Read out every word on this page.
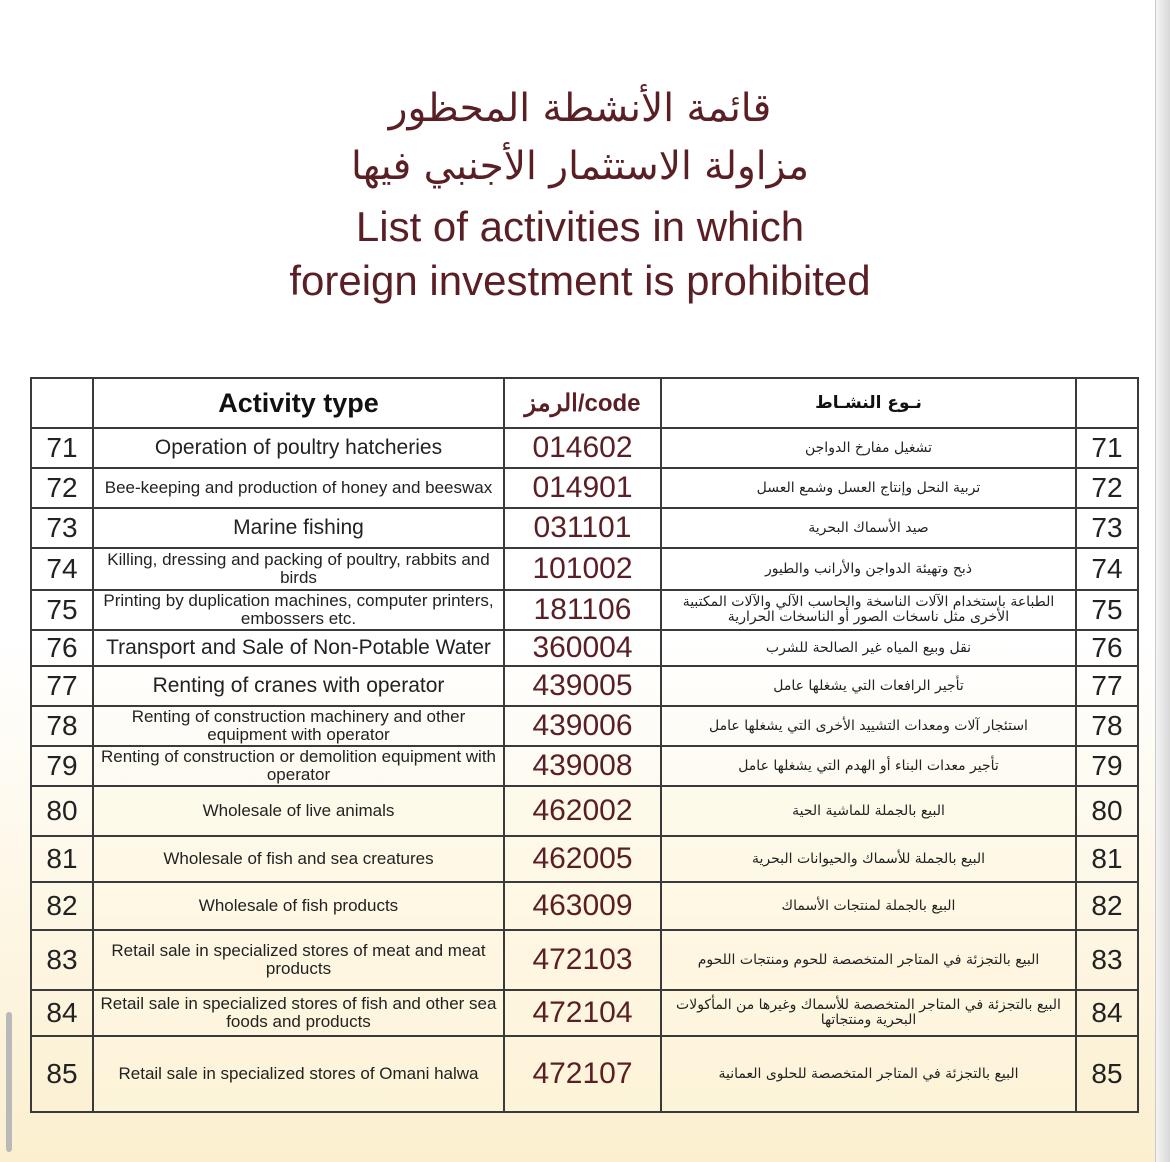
قائمة الأنشطة المحظور
مزاولة الاستثمار الأجنبي فيها
List of activities in which
foreign investment is prohibited
	Activity type	الرمز/code	نـوع النشـاط	
71	Operation of poultry hatcheries	014602	تشغيل مفارخ الدواجن	71
72	Bee-keeping and production of honey and beeswax	014901	تربية النحل وإنتاج العسل وشمع العسل	72
73	Marine fishing	031101	صيد الأسماك البحرية	73
74	Killing, dressing and packing of poultry, rabbits and birds	101002	ذبح وتهيئة الدواجن والأرانب والطيور	74
75	Printing by duplication machines, computer printers, embossers etc.	181106	الطباعة باستخدام الآلات الناسخة والحاسب الآلي والآلات المكتبية الأخرى مثل ناسخات الصور أو الناسخات الحرارية	75
76	Transport and Sale of Non-Potable Water	360004	نقل وبيع المياه غير الصالحة للشرب	76
77	Renting of cranes with operator	439005	تأجير الرافعات التي يشغلها عامل	77
78	Renting of construction machinery and other equipment with operator	439006	استئجار آلات ومعدات التشييد الأخرى التي يشغلها عامل	78
79	Renting of construction or demolition equipment with operator	439008	تأجير معدات البناء أو الهدم التي يشغلها عامل	79
80	Wholesale of live animals	462002	البيع بالجملة للماشية الحية	80
81	Wholesale of fish and sea creatures	462005	البيع بالجملة للأسماك والحيوانات البحرية	81
82	Wholesale of fish products	463009	البيع بالجملة لمنتجات الأسماك	82
83	Retail sale in specialized stores of meat and meat products	472103	البيع بالتجزئة في المتاجر المتخصصة للحوم ومنتجات اللحوم	83
84	Retail sale in specialized stores of fish and other sea foods and products	472104	البيع بالتجزئة في المتاجر المتخصصة للأسماك وغيرها من المأكولات البحرية ومنتجاتها	84
85	Retail sale in specialized stores of Omani halwa	472107	البيع بالتجزئة في المتاجر المتخصصة للحلوى العمانية	85
